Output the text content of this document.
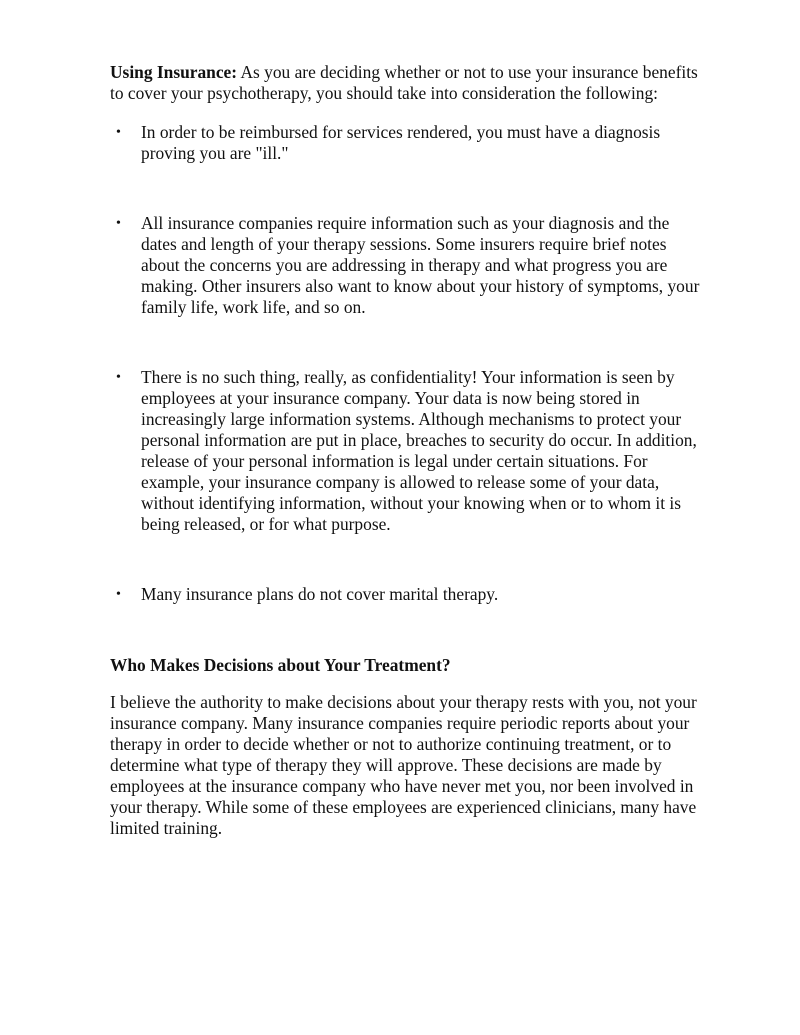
Using Insurance: As you are deciding whether or not to use your insurance benefits to cover your psychotherapy, you should take into consideration the following:

• In order to be reimbursed for services rendered, you must have a diagnosis proving you are "ill."
• All insurance companies require information such as your diagnosis and the dates and length of your therapy sessions. Some insurers require brief notes about the concerns you are addressing in therapy and what progress you are making. Other insurers also want to know about your history of symptoms, your family life, work life, and so on.
• There is no such thing, really, as confidentiality! Your information is seen by employees at your insurance company. Your data is now being stored in increasingly large information systems. Although mechanisms to protect your personal information are put in place, breaches to security do occur. In addition, release of your personal information is legal under certain situations. For example, your insurance company is allowed to release some of your data, without identifying information, without your knowing when or to whom it is being released, or for what purpose.
• Many insurance plans do not cover marital therapy.
Who Makes Decisions about Your Treatment?

I believe the authority to make decisions about your therapy rests with you, not your insurance company. Many insurance companies require periodic reports about your therapy in order to decide whether or not to authorize continuing treatment, or to determine what type of therapy they will approve. These decisions are made by employees at the insurance company who have never met you, nor been involved in your therapy. While some of these employees are experienced clinicians, many have limited training.
